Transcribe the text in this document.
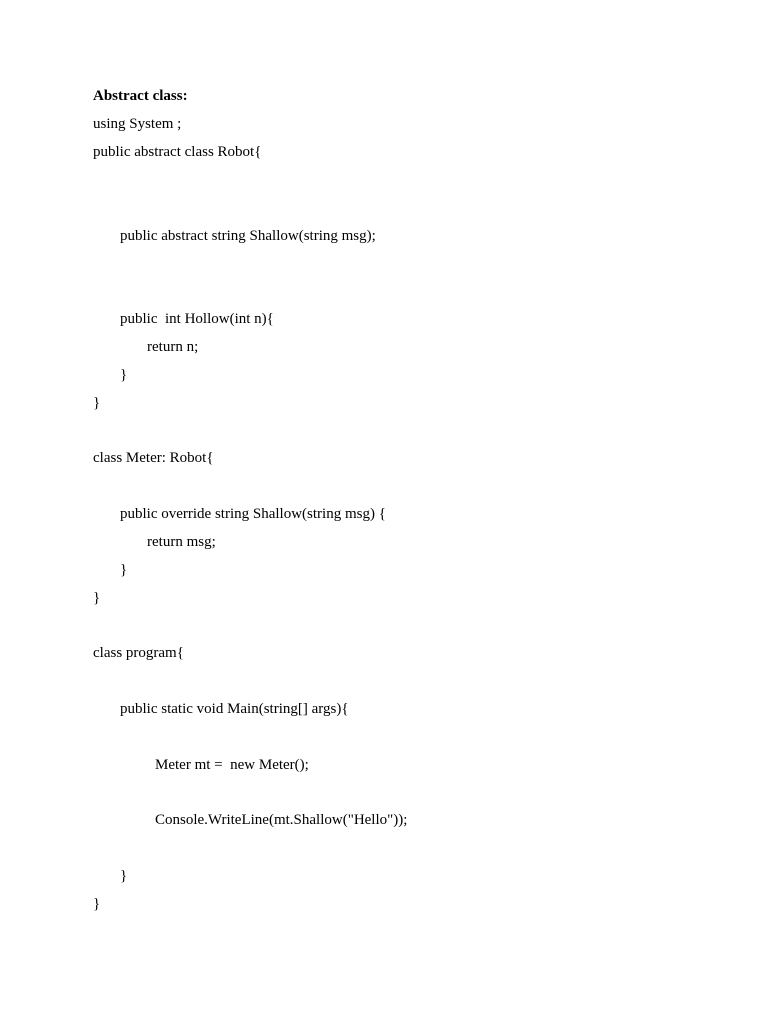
Abstract class:
using System ;
public abstract class Robot{
public abstract string Shallow(string msg);
public  int Hollow(int n){
return n;
}
}
class Meter: Robot{
public override string Shallow(string msg) {
return msg;
}
}
class program{
public static void Main(string[] args){
Meter mt =  new Meter();
Console.WriteLine(mt.Shallow("Hello"));
}
}
